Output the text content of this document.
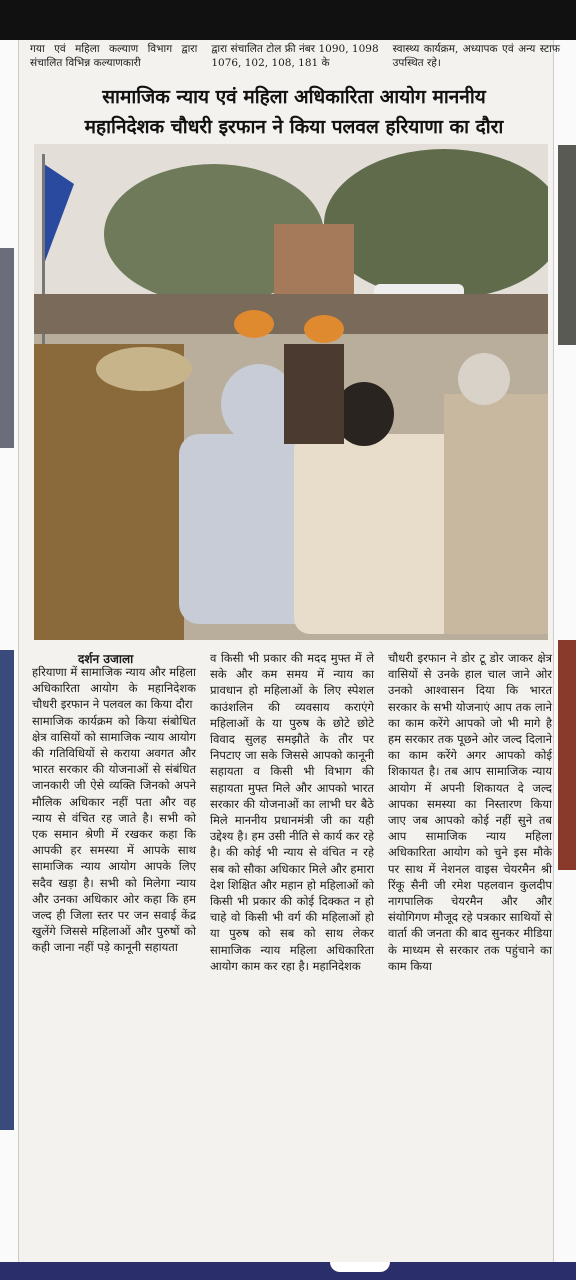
गया एवं महिला कल्याण विभाग द्वारा संचालित विभिन्न कल्याणकारी
द्वारा संचालित टोल फ्री नंबर 1090, 1098 1076, 102, 108, 181 के
स्वास्थ्य कार्यक्रम, अध्यापक एवं अन्य स्टाफ उपस्थित रहे।
सामाजिक न्याय एवं महिला अधिकारिता आयोग माननीय
महानिदेशक चौधरी इरफान ने किया पलवल हरियाणा का दौरा
दर्शन उजाला
हरियाणा में सामाजिक न्याय और महिला अधिकारिता आयोग के महानिदेशक चौधरी इरफान ने पलवल का किया दौरा
सामाजिक कार्यक्रम को किया संबोधित क्षेत्र वासियों को सामाजिक न्याय आयोग की गतिविधियों से कराया अवगत और भारत सरकार की योजनाओं से संबंधित जानकारी जी ऐसे व्यक्ति जिनको अपने मौलिक अधिकार नहीं पता और वह न्याय से वंचित रह जाते है। सभी को एक समान श्रेणी में रखकर कहा कि आपकी हर समस्या में आपके साथ सामाजिक न्याय आयोग आपके लिए सदैव खड़ा है। सभी को मिलेगा न्याय और उनका अधिकार ओर कहा कि हम जल्द ही जिला स्तर पर जन सवाई केंद्र खुलेंगे जिससे महिलाओं और पुरुषों को कही जाना नहीं पड़े कानूनी सहायता
व किसी भी प्रकार की मदद मुफ्त में ले सके और कम समय में न्याय का प्रावधान हो महिलाओं के लिए स्पेशल काउंशलिन की व्यवसाय कराएंगे महिलाओं के या पुरुष के छोटे छोटे विवाद सुलह समझौते के तौर पर निपटाए जा सके जिससे आपको कानूनी सहायता व किसी भी विभाग की सहायता मुफ्त मिले और आपको भारत सरकार की योजनाओं का लाभी घर बैठे मिले माननीय प्रधानमंत्री जी का यही उद्देश्य है। हम उसी नीति से कार्य कर रहे है। की कोई भी न्याय से वंचित न रहे सब को सौका अधिकार मिले और हमारा देश शिक्षित और महान हो महिलाओं को किसी भी प्रकार की कोई दिक्कत न हो चाहे वो किसी भी वर्ग की महिलाओं हो या पुरुष को सब को साथ लेकर सामाजिक न्याय महिला अधिकारिता आयोग काम कर रहा है। महानिदेशक
चौधरी इरफान ने डोर टू डोर जाकर क्षेत्र वासियों से उनके हाल चाल जाने ओर उनको आश्वासन दिया कि भारत सरकार के सभी योजनाएं आप तक लाने का काम करेंगे आपको जो भी मागे है हम सरकार तक पूछने ओर जल्द दिलाने का काम करेंगे अगर आपको कोई शिकायत है। तब आप सामाजिक न्याय आयोग में अपनी शिकायत दे जल्द आपका समस्या का निस्तारण किया जाए जब आपको कोई नहीं सुने तब आप सामाजिक न्याय महिला अधिकारिता आयोग को चुने इस मौके पर साथ में नेशनल वाइस चेयरमैन श्री रिंकू सैनी जी रमेश पहलवान कुलदीप नागपालिक चेयरमैन और और संयोगिगण मौजूद रहे पत्रकार साथियों से वार्ता की जनता की बाद सुनकर मीडिया के माध्यम से सरकार तक पहुंचाने का काम किया
